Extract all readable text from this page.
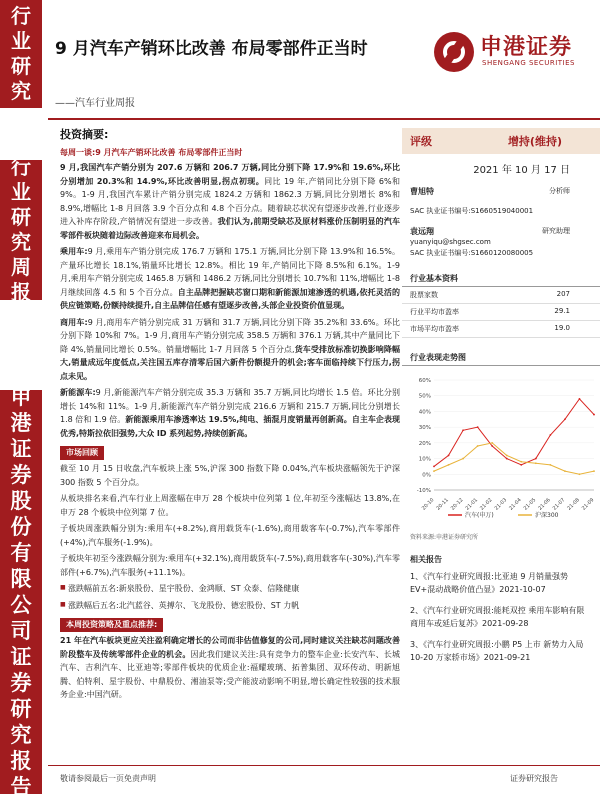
行
业
研
究
行
业
研
究
周
报
申
港
证
券
股
份
有
限
公
司
证
券
研
究
报
告
9 月汽车产销环比改善 布局零部件正当时
——汽车行业周报
申港证券
SHENGANG SECURITIES
投资摘要:
每周一谈:9 月汽车产销环比改善 布局零部件正当时
9 月,我国汽车产销分别为 207.6 万辆和 206.7 万辆,同比分别下降 17.9%和 19.6%,环比分别增加 20.3%和 14.9%,环比改善明显,拐点初现。同比 19 年,产销同比分别下降 6%和 9%。1-9 月,我国汽车累计产销分别完成 1824.2 万辆和 1862.3 万辆,同比分别增长 8%和 8.9%,增幅比 1-8 月回落 3.9 个百分点和 4.8 个百分点。随着缺芯状况有望逐步改善,行业逐步进入补库存阶段,产销情况有望进一步改善。我们认为,前期受缺芯及原材料涨价压制明显的汽车零部件板块随着边际改善迎来布局机会。
乘用车:9 月,乘用车产销分别完成 176.7 万辆和 175.1 万辆,同比分别下降 13.9%和 16.5%。产量环比增长 18.1%,销量环比增长 12.8%。相比 19 年,产销同比下降 8.5%和 6.1%。1-9 月,乘用车产销分别完成 1465.8 万辆和 1486.2 万辆,同比分别增长 10.7%和 11%,增幅比 1-8 月继续回落 4.5 和 5 个百分点。自主品牌把握缺芯窗口期和新能源加速渗透的机遇,依托灵活的供应链策略,份额持续提升,自主品牌信任感有望逐步改善,头部企业投资价值显现。
商用车:9 月,商用车产销分别完成 31 万辆和 31.7 万辆,同比分别下降 35.2%和 33.6%。环比分别下降 10%和 7%。1-9 月,商用车产销分别完成 358.5 万辆和 376.1 万辆,其中产量同比下降 4%,销量同比增长 0.5%。销量增幅比 1-7 月回落 5 个百分点,货车受排放标准切换影响降幅大,销量成远年度低点,关注国五库存清零后国六新件份额提升的机会;客车面临持续下行压力,拐点未见。
新能源车:9 月,新能源汽车产销分别完成 35.3 万辆和 35.7 万辆,同比均增长 1.5 倍。环比分别增长 14%和 11%。1-9 月,新能源汽车产销分别完成 216.6 万辆和 215.7 万辆,同比分别增长 1.8 倍和 1.9 倍。新能源乘用车渗透率达 19.5%,纯电、插混月度销量再创新高。自主车企表现优秀,特斯拉依旧强势,大众 ID 系列起势,持续创新高。
市场回顾
截至 10 月 15 日收盘,汽车板块上涨 5%,沪深 300 指数下降 0.04%,汽车板块涨幅领先于沪深 300 指数 5 个百分点。
从板块排名来看,汽车行业上周涨幅在申万 28 个板块中位列第 1 位,年初至今涨幅达 13.8%,在申万 28 个板块中位列第 7 位。
子板块周涨跌幅分别为:乘用车(+8.2%),商用载货车(-1.6%),商用载客车(-0.7%),汽车零部件(+4%),汽车服务(-1.9%)。
子板块年初至今涨跌幅分别为:乘用车(+32.1%),商用载货车(-7.5%),商用载客车(-30%),汽车零部件(+6.7%),汽车服务(+11.1%)。
■ 涨跌幅前五名:新泉股份、星宇股份、金鸿顺、ST 众泰、信隆健康
■ 涨跌幅后五名:北汽蓝谷、英搏尔、飞龙股份、德宏股份、ST 力帆
本周投资策略及重点推荐:
21 年在汽车板块更应关注盈利确定增长的公司而非估值修复的公司,同时建议关注缺芯问题改善阶段整车及传统零部件企业的机会。因此我们建议关注:具有竞争力的整车企业:长安汽车、长城汽车、吉利汽车、比亚迪等;零部件板块的优质企业:福耀玻璃、拓普集团、双环传动、明新旭腾、伯特利、星宇股份、中鼎股份、湘油泵等;受产能波动影响不明显,增长确定性较强的技术服务企业:中国汽研。
评级	增持(维持)
2021 年 10 月 17 日
曹旭特	分析师
SAC 执业证书编号:S1660519040001
袁远翔	研究助理
yuanyiqu@shgsec.com
SAC 执业证书编号:S1660120080005
行业基本资料
股票家数	207
行业平均市盈率	29.1
市场平均市盈率	19.0
行业表现走势图
60%
50%
40%
30%
20%
10%
0%
-10%
20-10 20-11 20-12 21-01 21-02 21-03 21-04 21-05 21-06 21-07 21-08 21-09
汽车(申万)	沪深300
资料来源:申港证券研究所
相关报告
1、《汽车行业研究周报:比亚迪 9 月销量强势 EV+混动战略价值凸显》2021-10-07
2、《汽车行业研究周报:能耗双控 乘用车影响有限 商用车或延后复苏》2021-09-28
3、《汽车行业研究周报:小鹏 P5 上市 新势力入局 10-20 万家轿市场》2021-09-21
敬请参阅最后一页免责声明	证券研究报告
